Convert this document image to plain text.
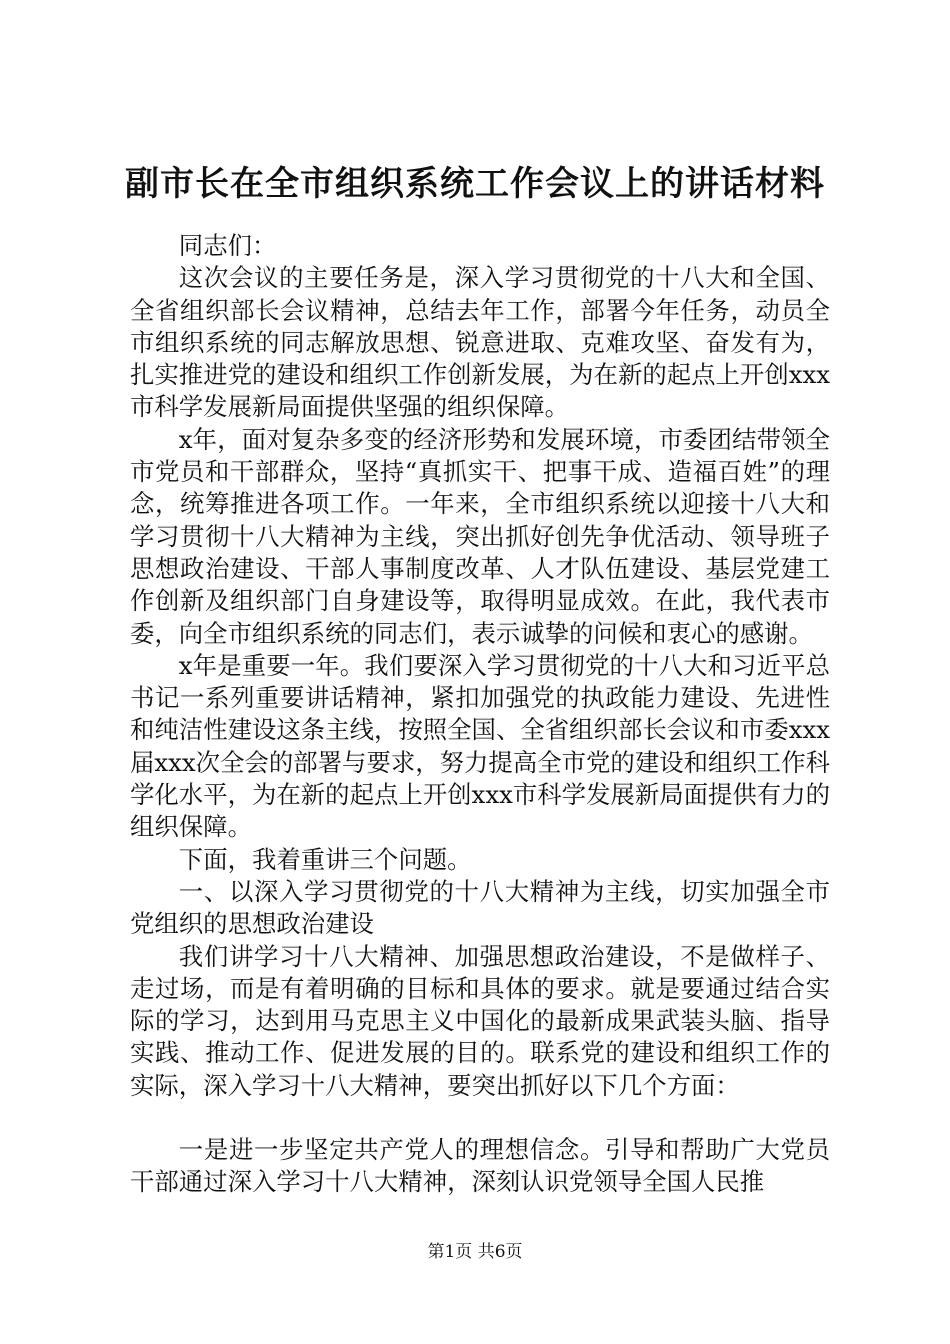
副市长在全市组织系统工作会议上的讲话材料

同志们：

这次会议的主要任务是，深入学习贯彻党的十八大和全国、全省组织部长会议精神，总结去年工作，部署今年任务，动员全市组织系统的同志解放思想、锐意进取、克难攻坚、奋发有为，扎实推进党的建设和组织工作创新发展，为在新的起点上开创xxx市科学发展新局面提供坚强的组织保障。

x年，面对复杂多变的经济形势和发展环境，市委团结带领全市党员和干部群众，坚持“真抓实干、把事干成、造福百姓”的理念，统筹推进各项工作。一年来，全市组织系统以迎接十八大和学习贯彻十八大精神为主线，突出抓好创先争优活动、领导班子思想政治建设、干部人事制度改革、人才队伍建设、基层党建工作创新及组织部门自身建设等，取得明显成效。在此，我代表市委，向全市组织系统的同志们，表示诚挚的问候和衷心的感谢。

x年是重要一年。我们要深入学习贯彻党的十八大和习近平总书记一系列重要讲话精神，紧扣加强党的执政能力建设、先进性和纯洁性建设这条主线，按照全国、全省组织部长会议和市委xxx届xxx次全会的部署与要求，努力提高全市党的建设和组织工作科学化水平，为在新的起点上开创xxx市科学发展新局面提供有力的组织保障。

下面，我着重讲三个问题。

一、以深入学习贯彻党的十八大精神为主线，切实加强全市党组织的思想政治建设

我们讲学习十八大精神、加强思想政治建设，不是做样子、走过场，而是有着明确的目标和具体的要求。就是要通过结合实际的学习，达到用马克思主义中国化的最新成果武装头脑、指导实践、推动工作、促进发展的目的。联系党的建设和组织工作的实际，深入学习十八大精神，要突出抓好以下几个方面：

一是进一步坚定共产党人的理想信念。引导和帮助广大党员干部通过深入学习十八大精神，深刻认识党领导全国人民推

第1页 共6页
